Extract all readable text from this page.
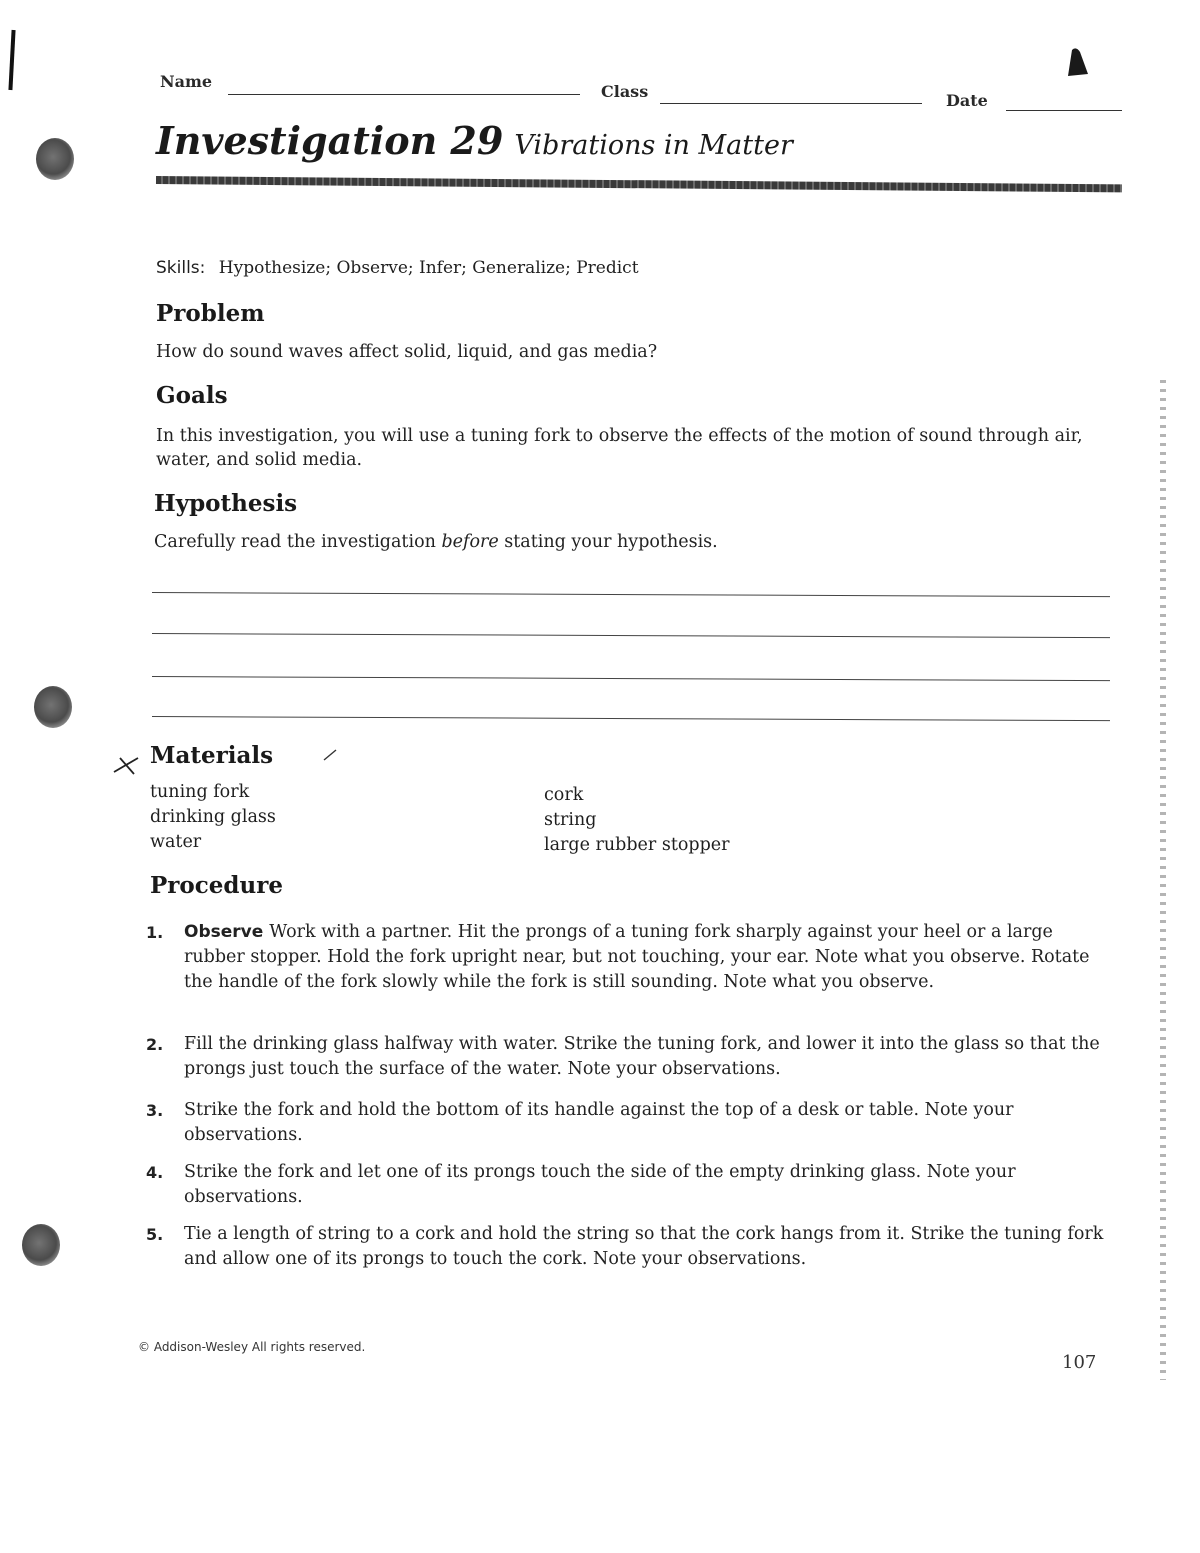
Name
Class	Date
Investigation 29 Vibrations in Matter
Skills: Hypothesize; Observe; Infer; Generalize; Predict
Problem
How do sound waves affect solid, liquid, and gas media?
Goals
In this investigation, you will use a tuning fork to observe the effects of the motion of sound through air, water, and solid media.
Hypothesis
Carefully read the investigation before stating your hypothesis.
Materials
tuning fork
drinking glass
water
cork
string
large rubber stopper
Procedure
1. Observe Work with a partner. Hit the prongs of a tuning fork sharply against your heel or a large rubber stopper. Hold the fork upright near, but not touching, your ear. Note what you observe. Rotate the handle of the fork slowly while the fork is still sounding. Note what you observe.
2. Fill the drinking glass halfway with water. Strike the tuning fork, and lower it into the glass so that the prongs just touch the surface of the water. Note your observations.
3. Strike the fork and hold the bottom of its handle against the top of a desk or table. Note your observations.
4. Strike the fork and let one of its prongs touch the side of the empty drinking glass. Note your observations.
5. Tie a length of string to a cork and hold the string so that the cork hangs from it. Strike the tuning fork and allow one of its prongs to touch the cork. Note your observations.
© Addison-Wesley All rights reserved.
107
